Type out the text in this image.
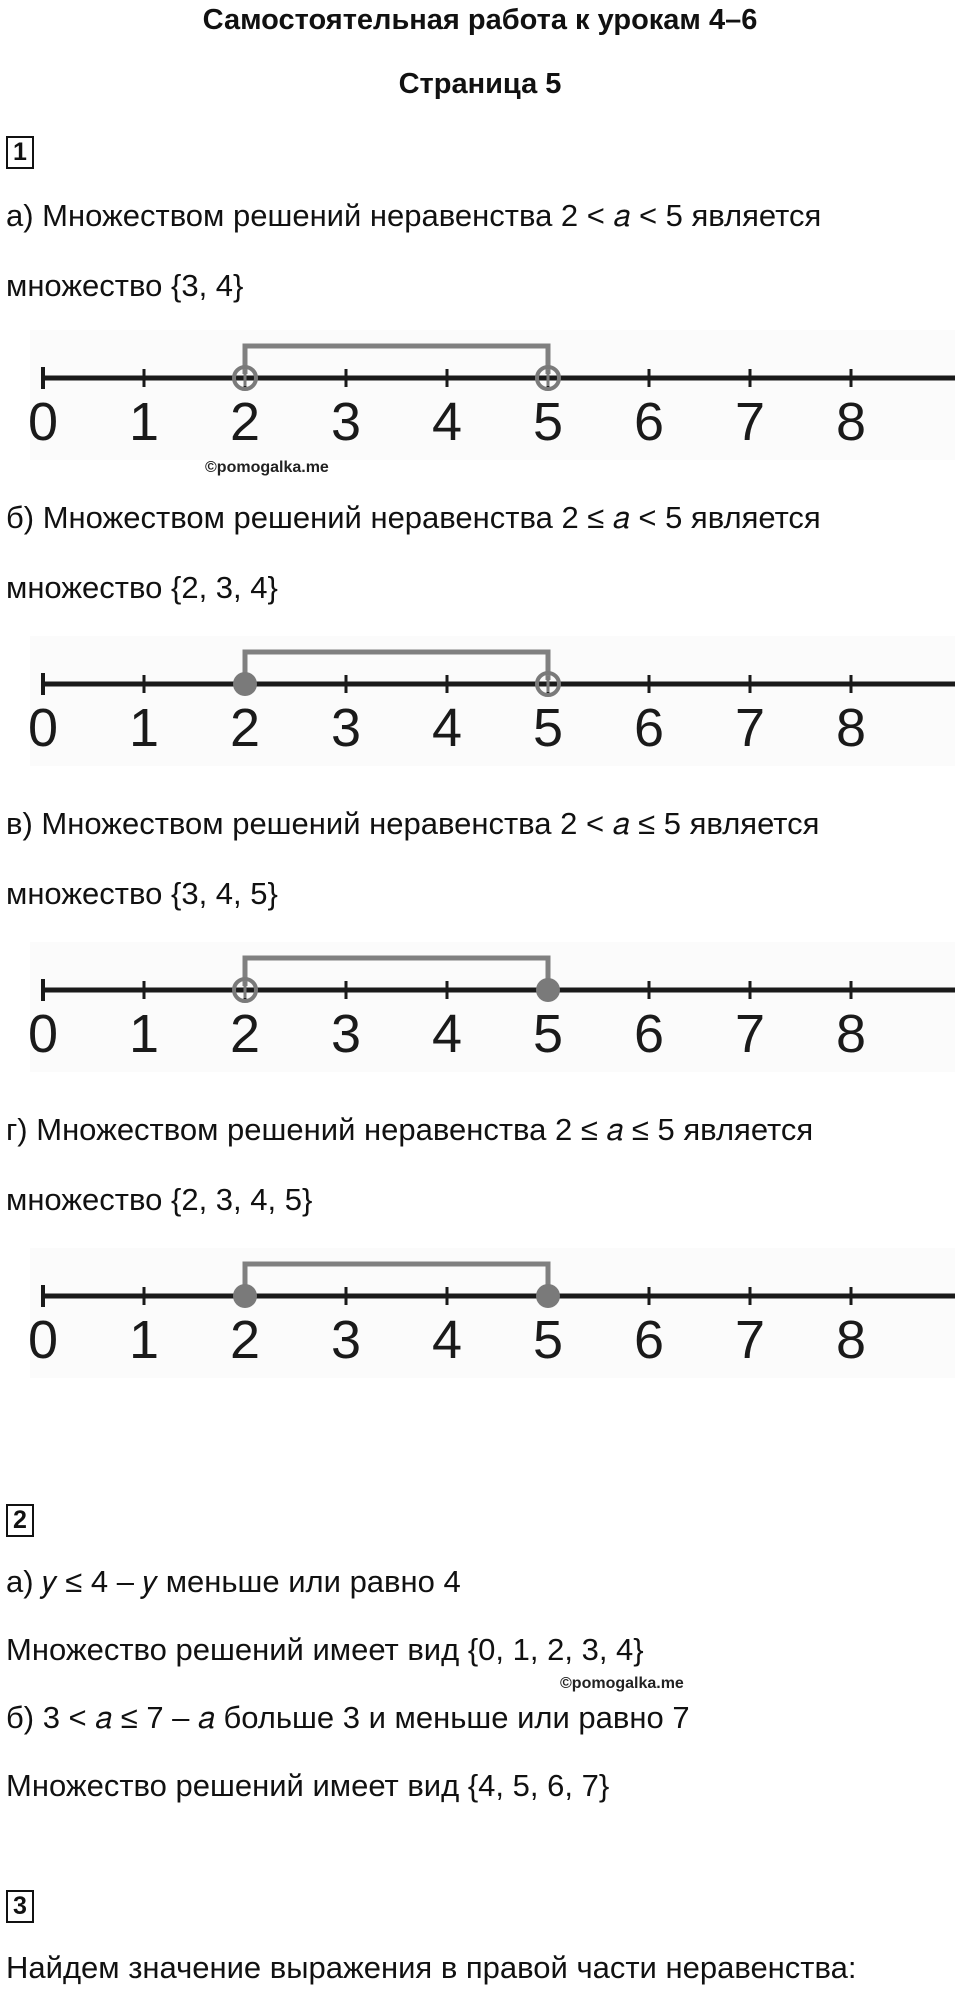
Самостоятельная работа к урокам 4–6
Страница 5
1
а) Множеством решений неравенства 2 < 𝑎 < 5 является
множество {3, 4}
0 1 2 3 4 5 6 7 8
©pomogalka.me
б) Множеством решений неравенства 2 ≤ 𝑎 < 5 является
множество {2, 3, 4}
0 1 2 3 4 5 6 7 8
в) Множеством решений неравенства 2 < 𝑎 ≤ 5 является
множество {3, 4, 5}
0 1 2 3 4 5 6 7 8
г) Множеством решений неравенства 2 ≤ 𝑎 ≤ 5 является
множество {2, 3, 4, 5}
0 1 2 3 4 5 6 7 8
2
а) 𝑦 ≤ 4 – 𝑦 меньше или равно 4
Множество решений имеет вид {0, 1, 2, 3, 4}
©pomogalka.me
б) 3 < 𝑎 ≤ 7 – 𝑎 больше 3 и меньше или равно 7
Множество решений имеет вид {4, 5, 6, 7}
3
Найдем значение выражения в правой части неравенства:
